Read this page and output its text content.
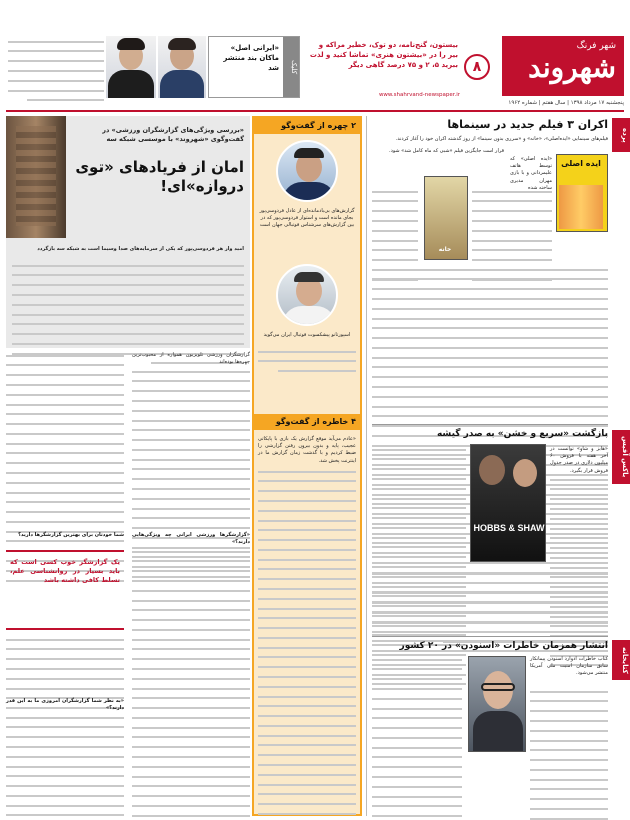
شهر فرنگ
شهروند
۸
بیستون، گنج‌نامه، دو توک، خطیر مراکه و بیر را در «بیشتون هنری» تماشا کنید و لذت ببرید ۵، ۲ و ۷۵ درصد گاهی دیگر
پنجشنبه ۱۷ مرداد ۱۳۹۸ | سال هفتم | شماره ۱۹۶۲
www.shahrvand-newspaper.ir
کلیک
«ایرانی اصل» ماکان بند منتشر شد
پرده
باکس آفیس
کتابخانه
اکران ۳ فیلم جدید در سینماها
فیلم‌های سینمایی «ایده‌اصلی»، «خانه» و «سرری بدون سینما» از روز گذشته اکران خود را آغاز کردند.
ایده اصلی
خانه
«ایده اصلی» که توسط هاتف علیمردانی و با بازی مهران مدیری ساخته شده
قرار است جایگزین فیلم «شبی که ماه کامل شد» شود.
بازگشت «سریع و خشن» به صدر گیشه
HOBBS & SHAW
«هابز و شاو» توانست در آخر هفته با فروش ۶۰ میلیون دلاری در صدر جدول فروش قرار بگیرد.
انتشار همزمان خاطرات «اسنودن» در ۲۰ کشور
کتاب خاطرات ادوارد اسنودن پیمانکار سابق سازمان امنیت ملی آمریکا منتشر می‌شود.
۲ چهره از گفت‌وگو
گزارش‌های بی‌بادمانده‌ای از عادل فردوسی‌پور بجای مانده است و استوار فردوسی‌پور که در بین گزارش‌های سرشناس فوتبالی جهان است
اسپورتانو پیشکسوت فوتبال ایران می‌گوید
۴ خاطره از گفت‌وگو
«عادم می‌آید موقع گزارش یک بازی با پایکاتی عجیب، پایه و بدون بیرون رفتن گزارشی را ضبط کردیم و با گذشت زمان گزارش ما در اینترنت پخش شد.
«بررسی ویژگی‌های گزارشگران ورزشی» در گفت‌وگوی «شهروند» با موسسی شبکه سه
امان از فریادهای «توی دروازه»‌ای!
امید وار هر فردوسی‌پور که یکی از سرمایه‌های صدا وسیما است به شبکه سه بازگردد
گزارشگران ورزشی تلویزیون همواره از محبوب‌ترین چهره‌ها بوده‌اند
«گزارشگرها ورزشی ایرانی چه ویژگی‌هایی دارند؟»
شما خودتان برای بهترین گزارشگرها دارید؟
یک گزارشگر خوب کسی است که باید بسیار در روانشناسی علم، تسلط کافی داشته باشد
«به نظر شما گزارشگران امروزی ما به این قدر دارند؟»
